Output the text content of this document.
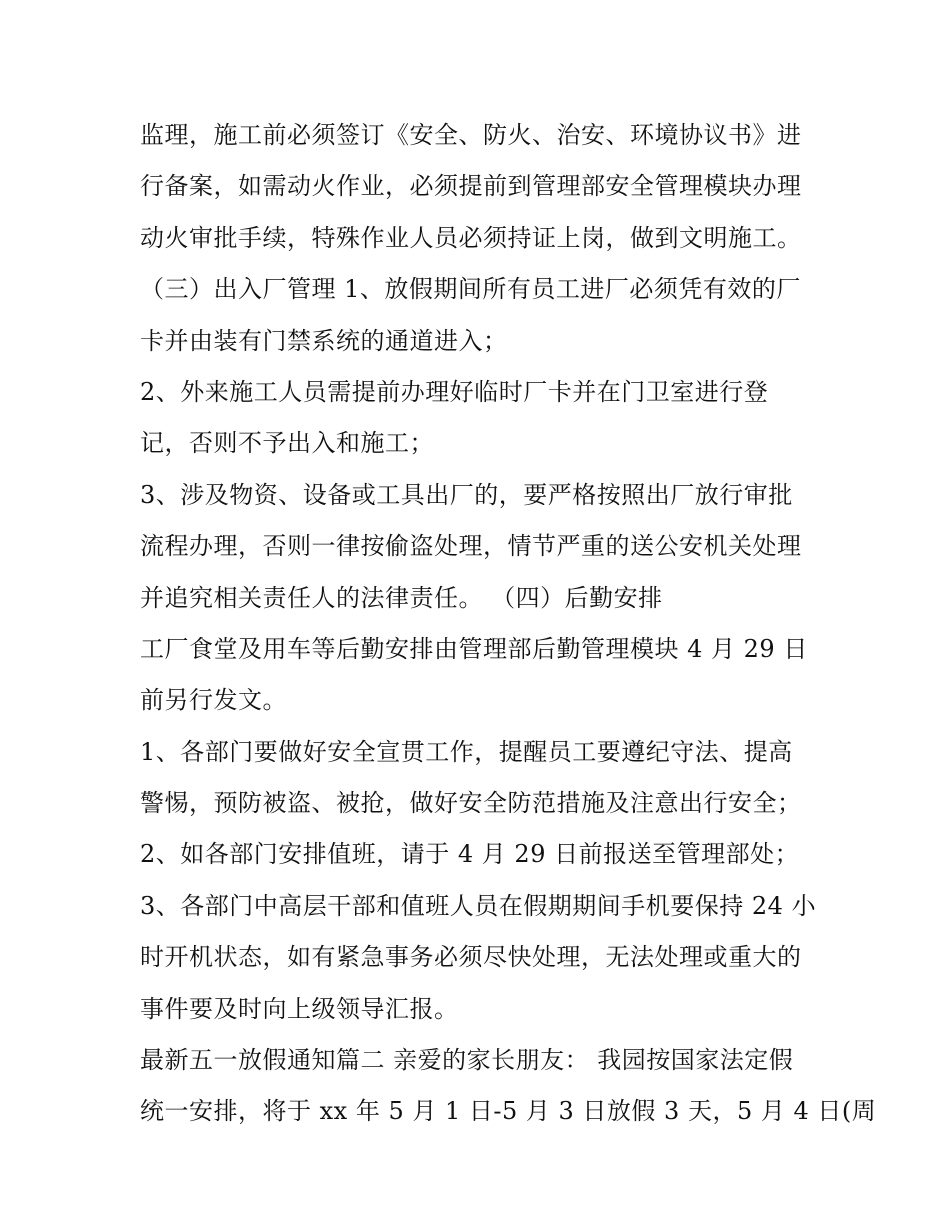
监理，施工前必须签订《安全、防火、治安、环境协议书》进
行备案，如需动火作业，必须提前到管理部安全管理模块办理
动火审批手续，特殊作业人员必须持证上岗，做到文明施工。
（三）出入厂管理 1、放假期间所有员工进厂必须凭有效的厂
卡并由装有门禁系统的通道进入；
2、外来施工人员需提前办理好临时厂卡并在门卫室进行登
记，否则不予出入和施工；
3、涉及物资、设备或工具出厂的，要严格按照出厂放行审批
流程办理，否则一律按偷盗处理，情节严重的送公安机关处理
并追究相关责任人的法律责任。 （四）后勤安排
工厂食堂及用车等后勤安排由管理部后勤管理模块 4 月 29 日
前另行发文。
1、各部门要做好安全宣贯工作，提醒员工要遵纪守法、提高
警惕，预防被盗、被抢，做好安全防范措施及注意出行安全；
2、如各部门安排值班，请于 4 月 29 日前报送至管理部处；
3、各部门中高层干部和值班人员在假期期间手机要保持 24 小
时开机状态，如有紧急事务必须尽快处理，无法处理或重大的
事件要及时向上级领导汇报。
最新五一放假通知篇二 亲爱的家长朋友： 我园按国家法定假
统一安排，将于 xx 年 5 月 1 日-5 月 3 日放假 3 天，5 月 4 日(周
